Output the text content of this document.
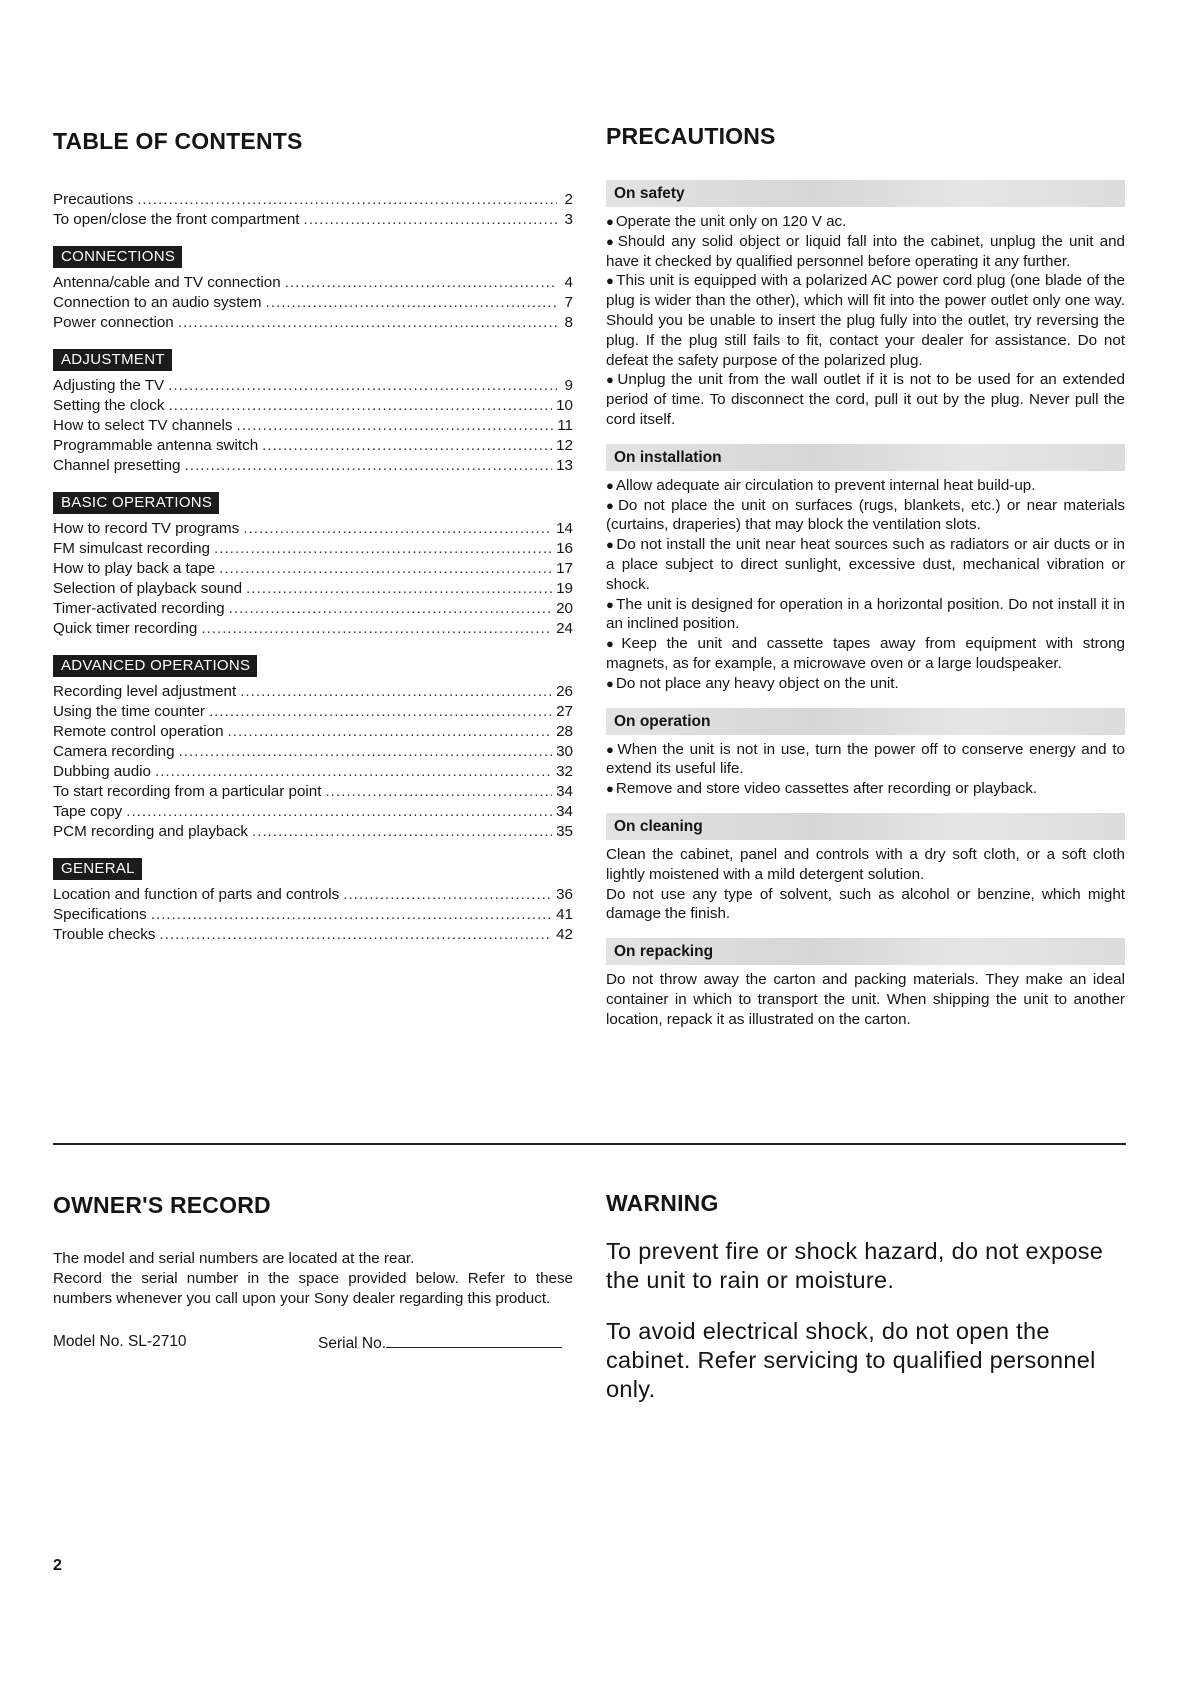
TABLE OF CONTENTS
Precautions .....	2
To open/close the front compartment .....	3
CONNECTIONS
Antenna/cable and TV connection .....	4
Connection to an audio system .....	7
Power connection .....	8
ADJUSTMENT
Adjusting the TV .....	9
Setting the clock .....	10
How to select TV channels .....	11
Programmable antenna switch .....	12
Channel presetting .....	13
BASIC OPERATIONS
How to record TV programs .....	14
FM simulcast recording .....	16
How to play back a tape .....	17
Selection of playback sound .....	19
Timer-activated recording .....	20
Quick timer recording .....	24
ADVANCED OPERATIONS
Recording level adjustment .....	26
Using the time counter .....	27
Remote control operation .....	28
Camera recording .....	30
Dubbing audio .....	32
To start recording from a particular point .....	34
Tape copy .....	34
PCM recording and playback .....	35
GENERAL
Location and function of parts and controls .....	36
Specifications .....	41
Trouble checks .....	42
PRECAUTIONS
On safety

● Operate the unit only on 120 V ac.

● Should any solid object or liquid fall into the cabinet, unplug the unit and have it checked by qualified personnel before operating it any further.

● This unit is equipped with a polarized AC power cord plug (one blade of the plug is wider than the other), which will fit into the power outlet only one way. Should you be unable to insert the plug fully into the outlet, try reversing the plug. If the plug still fails to fit, contact your dealer for assistance. Do not defeat the safety purpose of the polarized plug.

● Unplug the unit from the wall outlet if it is not to be used for an extended period of time. To disconnect the cord, pull it out by the plug. Never pull the cord itself.

On installation

● Allow adequate air circulation to prevent internal heat build-up.

● Do not place the unit on surfaces (rugs, blankets, etc.) or near materials (curtains, draperies) that may block the ventilation slots.

● Do not install the unit near heat sources such as radiators or air ducts or in a place subject to direct sunlight, excessive dust, mechanical vibration or shock.

● The unit is designed for operation in a horizontal position. Do not install it in an inclined position.

● Keep the unit and cassette tapes away from equipment with strong magnets, as for example, a microwave oven or a large loudspeaker.

● Do not place any heavy object on the unit.

On operation

● When the unit is not in use, turn the power off to conserve energy and to extend its useful life.

● Remove and store video cassettes after recording or playback.

On cleaning

Clean the cabinet, panel and controls with a dry soft cloth, or a soft cloth lightly moistened with a mild detergent solution.

Do not use any type of solvent, such as alcohol or benzine, which might damage the finish.

On repacking

Do not throw away the carton and packing materials. They make an ideal container in which to transport the unit. When shipping the unit to another location, repack it as illustrated on the carton.

OWNER'S RECORD

The model and serial numbers are located at the rear.

Record the serial number in the space provided below. Refer to these numbers whenever you call upon your Sony dealer regarding this product.

Model No. SL-2710	Serial No.
WARNING

To prevent fire or shock hazard, do not expose the unit to rain or moisture.

To avoid electrical shock, do not open the cabinet. Refer servicing to qualified personnel only.

2
